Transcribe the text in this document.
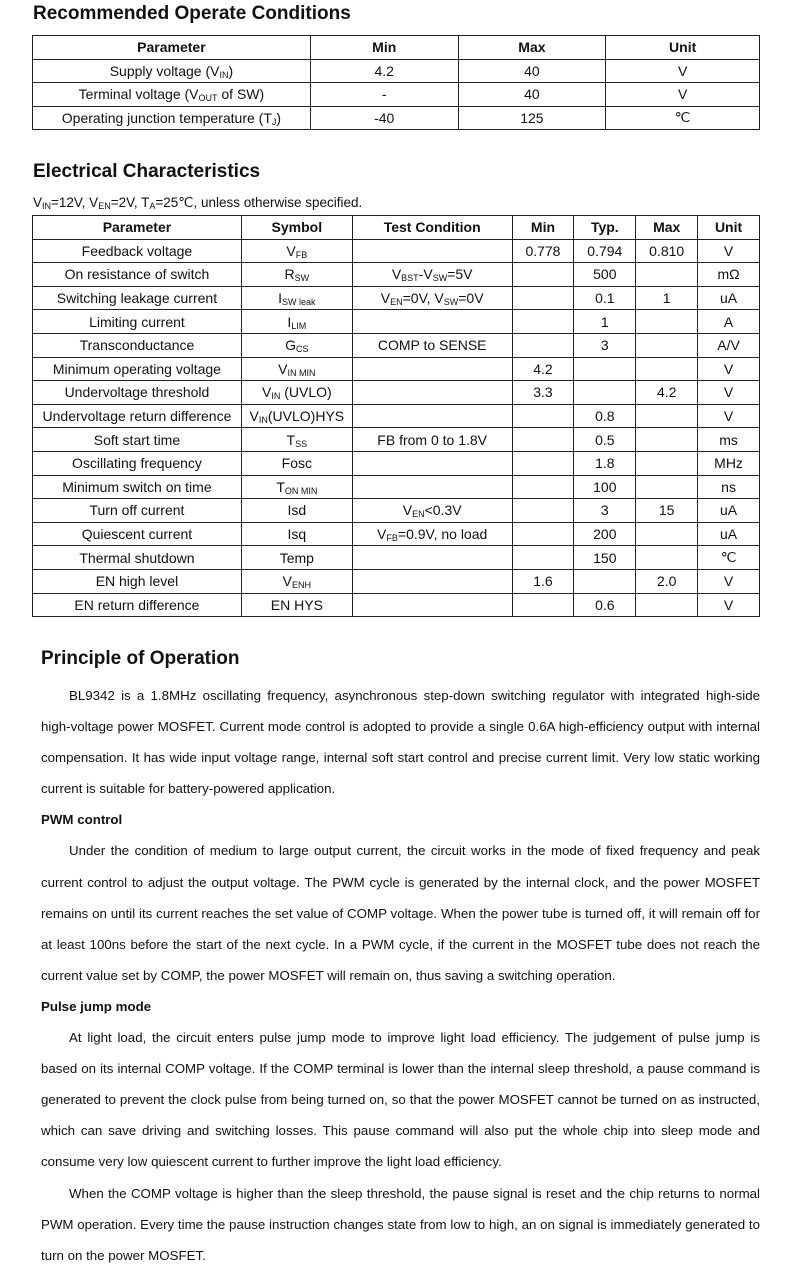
Recommended Operate Conditions
Parameter	Min	Max	Unit
Supply voltage $(V_{IN})$	4.2	40	V
Terminal voltage ($V_{OUT}$ of SW)	-	40	V
Operating junction temperature $(T_J)$	-40	125	℃
Electrical Characteristics
$V_{IN}=12V$, $V_{EN}=2V$, $T_A=25℃$, unless otherwise specified.
Parameter	Symbol	Test Condition	Min	Typ.	Max	Unit
Feedback voltage	$V_{FB}$		0.778	0.794	0.810	V
On resistance of switch	$R_{SW}$	$V_{BST}-V_{SW}=5V$		500		mΩ
Switching leakage current	$I_{SW leak}$	$V_{EN}=0V$, $V_{SW}=0V$		0.1	1	uA
Limiting current	$I_{LIM}$			1		A
Transconductance	$G_{CS}$	COMP to SENSE		3		A/V
Minimum operating voltage	$V_{IN MIN}$		4.2			V
Undervoltage threshold	$V_{IN}$ (UVLO)		3.3		4.2	V
Undervoltage return difference	$V_{IN}(UVLO)HYS$			0.8		V
Soft start time	$T_{SS}$	FB from 0 to 1.8V		0.5		ms
Oscillating frequency	Fosc			1.8		MHz
Minimum switch on time	$T_{ON MIN}$			100		ns
Turn off current	Isd	$V_{EN}<0.3V$		3	15	uA
Quiescent current	Isq	$V_{FB}=0.9V$, no load		200		uA
Thermal shutdown	Temp			150		℃
EN high level	$V_{ENH}$		1.6		2.0	V
EN return difference	EN HYS			0.6		V
Principle of Operation

BL9342 is a 1.8MHz oscillating frequency, asynchronous step-down switching regulator with integrated high-side high-voltage power MOSFET. Current mode control is adopted to provide a single 0.6A high-efficiency output with internal compensation. It has wide input voltage range, internal soft start control and precise current limit. Very low static working current is suitable for battery-powered application.

PWM control

Under the condition of medium to large output current, the circuit works in the mode of fixed frequency and peak current control to adjust the output voltage. The PWM cycle is generated by the internal clock, and the power MOSFET remains on until its current reaches the set value of COMP voltage. When the power tube is turned off, it will remain off for at least 100ns before the start of the next cycle. In a PWM cycle, if the current in the MOSFET tube does not reach the current value set by COMP, the power MOSFET will remain on, thus saving a switching operation.

Pulse jump mode

At light load, the circuit enters pulse jump mode to improve light load efficiency. The judgement of pulse jump is based on its internal COMP voltage. If the COMP terminal is lower than the internal sleep threshold, a pause command is generated to prevent the clock pulse from being turned on, so that the power MOSFET cannot be turned on as instructed, which can save driving and switching losses. This pause command will also put the whole chip into sleep mode and consume very low quiescent current to further improve the light load efficiency.

When the COMP voltage is higher than the sleep threshold, the pause signal is reset and the chip returns to normal PWM operation. Every time the pause instruction changes state from low to high, an on signal is immediately generated to turn on the power MOSFET.
